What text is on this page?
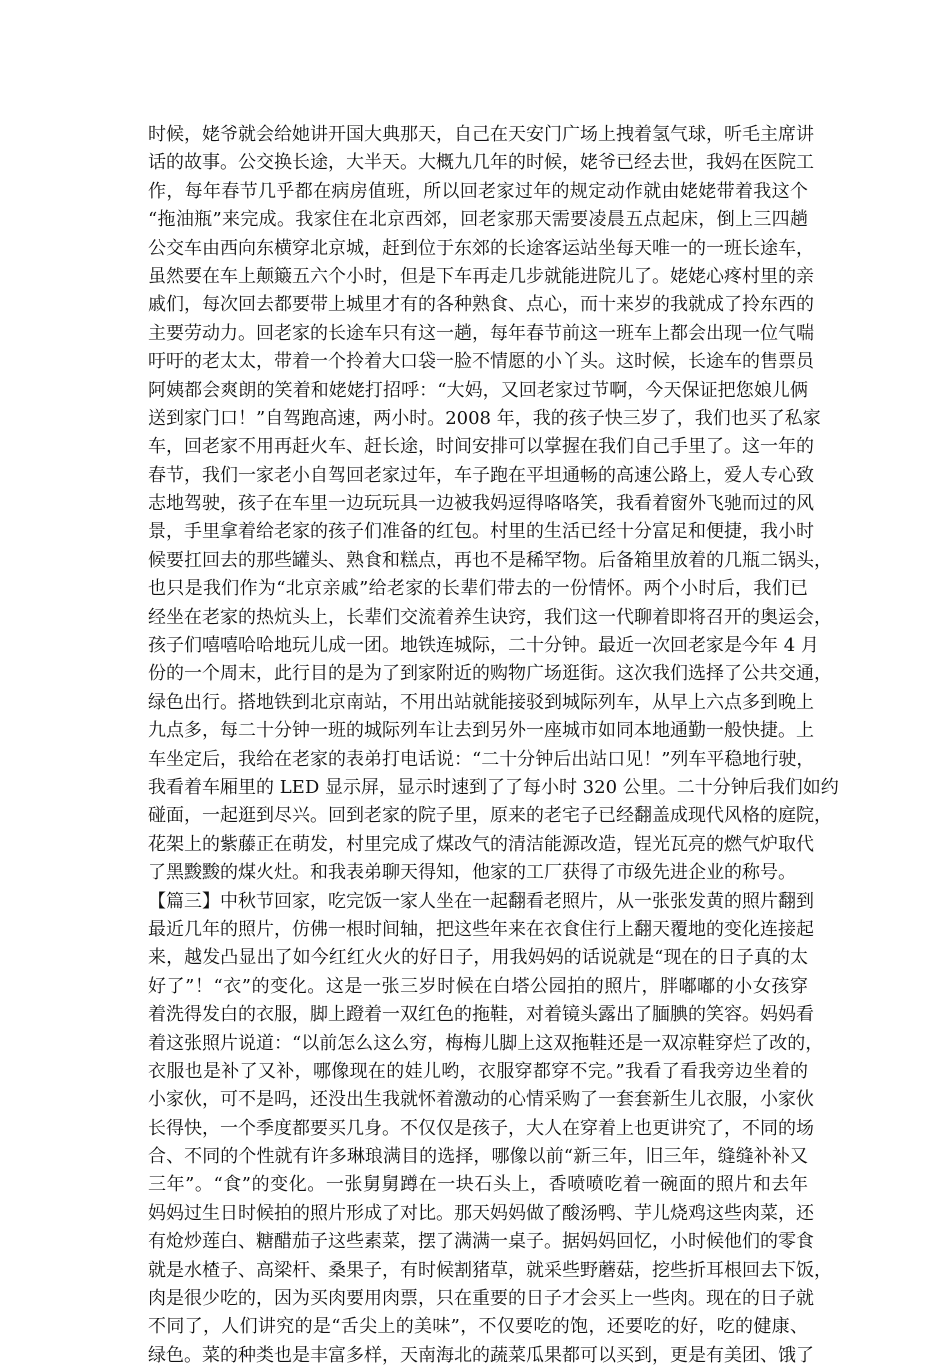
时候，姥爷就会给她讲开国大典那天，自己在天安门广场上拽着氢气球，听毛主席讲
话的故事。公交换长途，大半天。大概九几年的时候，姥爷已经去世，我妈在医院工
作，每年春节几乎都在病房值班，所以回老家过年的规定动作就由姥姥带着我这个
“拖油瓶”来完成。我家住在北京西郊，回老家那天需要凌晨五点起床，倒上三四趟
公交车由西向东横穿北京城，赶到位于东郊的长途客运站坐每天唯一的一班长途车，
虽然要在车上颠簸五六个小时，但是下车再走几步就能进院儿了。姥姥心疼村里的亲
戚们，每次回去都要带上城里才有的各种熟食、点心，而十来岁的我就成了拎东西的
主要劳动力。回老家的长途车只有这一趟，每年春节前这一班车上都会出现一位气喘
吁吁的老太太，带着一个拎着大口袋一脸不情愿的小丫头。这时候，长途车的售票员
阿姨都会爽朗的笑着和姥姥打招呼：“大妈，又回老家过节啊，今天保证把您娘儿俩
送到家门口！”自驾跑高速，两小时。2008 年，我的孩子快三岁了，我们也买了私家
车，回老家不用再赶火车、赶长途，时间安排可以掌握在我们自己手里了。这一年的
春节，我们一家老小自驾回老家过年，车子跑在平坦通畅的高速公路上，爱人专心致
志地驾驶，孩子在车里一边玩玩具一边被我妈逗得咯咯笑，我看着窗外飞驰而过的风
景，手里拿着给老家的孩子们准备的红包。村里的生活已经十分富足和便捷，我小时
候要扛回去的那些罐头、熟食和糕点，再也不是稀罕物。后备箱里放着的几瓶二锅头，
也只是我们作为“北京亲戚”给老家的长辈们带去的一份情怀。两个小时后，我们已
经坐在老家的热炕头上，长辈们交流着养生诀窍，我们这一代聊着即将召开的奥运会，
孩子们嘻嘻哈哈地玩儿成一团。地铁连城际，二十分钟。最近一次回老家是今年 4 月
份的一个周末，此行目的是为了到家附近的购物广场逛街。这次我们选择了公共交通，
绿色出行。搭地铁到北京南站，不用出站就能接驳到城际列车，从早上六点多到晚上
九点多，每二十分钟一班的城际列车让去到另外一座城市如同本地通勤一般快捷。上
车坐定后，我给在老家的表弟打电话说：“二十分钟后出站口见！”列车平稳地行驶，
我看着车厢里的 LED 显示屏，显示时速到了了每小时 320 公里。二十分钟后我们如约
碰面，一起逛到尽兴。回到老家的院子里，原来的老宅子已经翻盖成现代风格的庭院，
花架上的紫藤正在萌发，村里完成了煤改气的清洁能源改造，锃光瓦亮的燃气炉取代
了黑黢黢的煤火灶。和我表弟聊天得知，他家的工厂获得了市级先进企业的称号。
【篇三】中秋节回家，吃完饭一家人坐在一起翻看老照片，从一张张发黄的照片翻到
最近几年的照片，仿佛一根时间轴，把这些年来在衣食住行上翻天覆地的变化连接起
来，越发凸显出了如今红红火火的好日子，用我妈妈的话说就是“现在的日子真的太
好了”！“衣”的变化。这是一张三岁时候在白塔公园拍的照片，胖嘟嘟的小女孩穿
着洗得发白的衣服，脚上蹬着一双红色的拖鞋，对着镜头露出了腼腆的笑容。妈妈看
着这张照片说道：“以前怎么这么穷，梅梅儿脚上这双拖鞋还是一双凉鞋穿烂了改的，
衣服也是补了又补，哪像现在的娃儿哟，衣服穿都穿不完。”我看了看我旁边坐着的
小家伙，可不是吗，还没出生我就怀着激动的心情采购了一套套新生儿衣服，小家伙
长得快，一个季度都要买几身。不仅仅是孩子，大人在穿着上也更讲究了，不同的场
合、不同的个性就有许多琳琅满目的选择，哪像以前“新三年，旧三年，缝缝补补又
三年”。“食”的变化。一张舅舅蹲在一块石头上，香喷喷吃着一碗面的照片和去年
妈妈过生日时候拍的照片形成了对比。那天妈妈做了酸汤鸭、芋儿烧鸡这些肉菜，还
有炝炒莲白、糖醋茄子这些素菜，摆了满满一桌子。据妈妈回忆，小时候他们的零食
就是水楂子、高梁杆、桑果子，有时候割猪草，就采些野蘑菇，挖些折耳根回去下饭，
肉是很少吃的，因为买肉要用肉票，只在重要的日子才会买上一些肉。现在的日子就
不同了，人们讲究的是“舌尖上的美味”，不仅要吃的饱，还要吃的好，吃的健康、
绿色。菜的种类也是丰富多样，天南海北的蔬菜瓜果都可以买到，更是有美团、饿了
